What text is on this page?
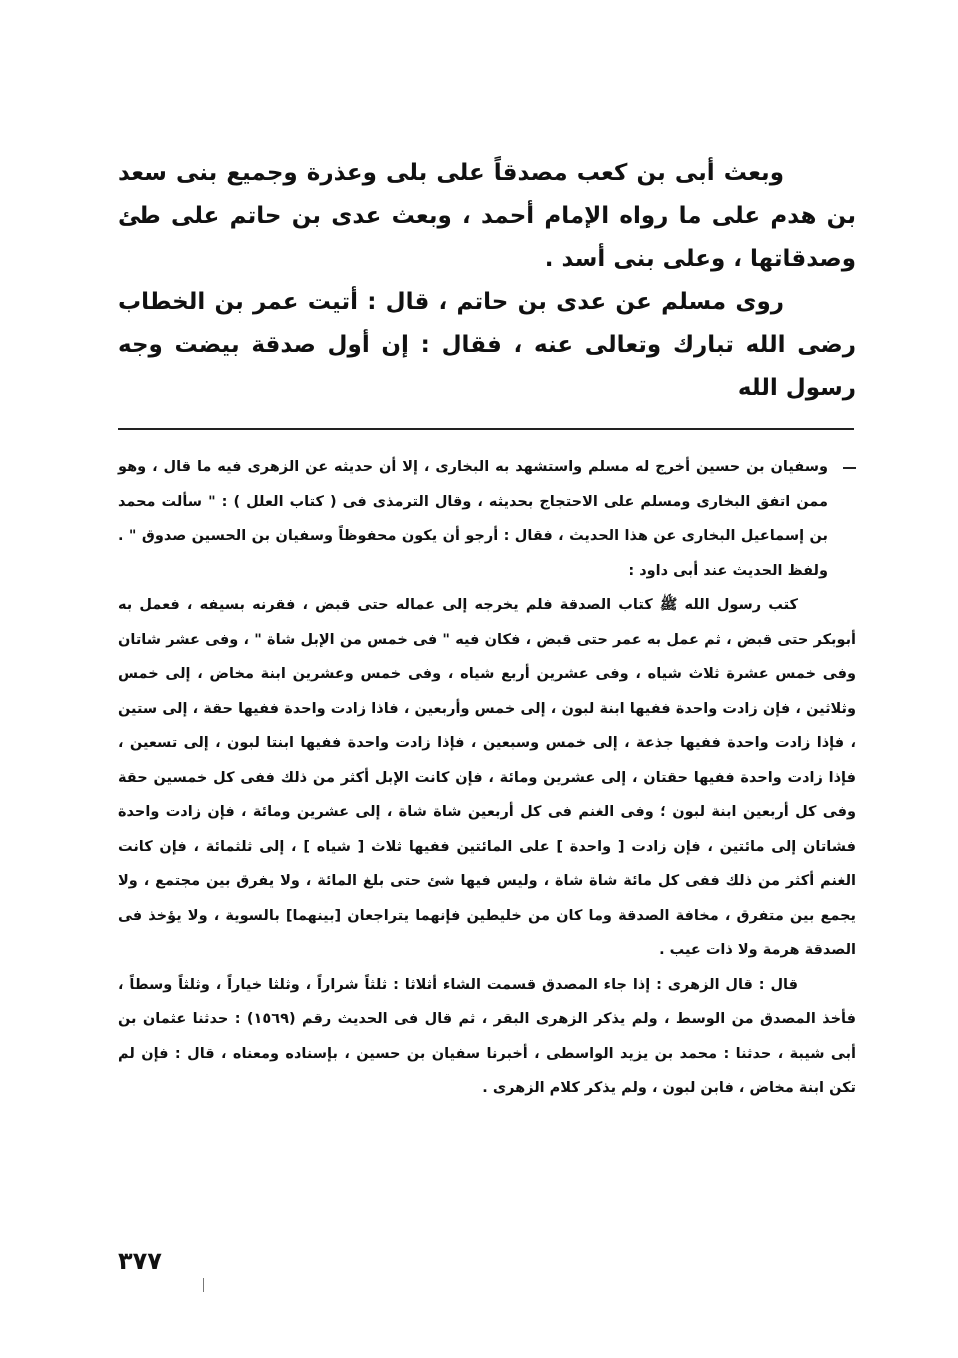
وبعث أبى بن كعب مصدقاً على بلى وعذرة وجميع بنى سعد بن هدم على ما رواه الإمام أحمد ، وبعث عدى بن حاتم على طئ وصدقاتها ، وعلى بنى أسد .

روى مسلم عن عدى بن حاتم ، قال : أتيت عمر بن الخطاب رضى الله تبارك وتعالى عنه ، فقال : إن أول صدقة بيضت وجه رسول الله

وسفيان بن حسين أخرج له مسلم واستشهد به البخارى ، إلا أن حديثه عن الزهرى فيه ما قال ، وهو ممن اتفق البخارى ومسلم على الاحتجاج بحديثه ، وقال الترمذى فى ( كتاب العلل ) : " سألت محمد بن إسماعيل البخارى عن هذا الحديث ، فقال : أرجو أن يكون محفوظاً وسفيان بن الحسين صدوق " . ولفظ الحديث عند أبى داود :

كتب رسول الله ﷺ كتاب الصدقة فلم يخرجه إلى عماله حتى قبض ، فقرنه بسيفه ، فعمل به أبوبكر حتى قبض ، ثم عمل به عمر حتى قبض ، فكان فيه " فى خمس من الإبل شاة " ، وفى عشر شاتان وفى خمس عشرة ثلاث شياه ، وفى عشرين أربع شياه ، وفى خمس وعشرين ابنة مخاض ، إلى خمس وثلاثين ، فإن زادت واحدة ففيها ابنة لبون ، إلى خمس وأربعين ، فاذا زادت واحدة ففيها حقة ، إلى ستين ، فإذا زادت واحدة ففيها جذعة ، إلى خمس وسبعين ، فإذا زادت واحدة ففيها ابنتا لبون ، إلى تسعين ، فإذا زادت واحدة ففيها حقتان ، إلى عشرين ومائة ، فإن كانت الإبل أكثر من ذلك ففى كل خمسين حقة وفى كل أربعين ابنة لبون ؛ وفى الغنم فى كل أربعين شاة شاة ، إلى عشرين ومائة ، فإن زادت واحدة فشاتان إلى مائتين ، فإن زادت [ واحدة ] على المائتين ففيها ثلاث [ شياه ] ، إلى ثلثمائة ، فإن كانت الغنم أكثر من ذلك ففى كل مائة شاة شاة ، وليس فيها شئ حتى بلغ المائة ، ولا يفرق بين مجتمع ، ولا يجمع بين متفرق ، مخافة الصدقة وما كان من خليطين فإنهما يتراجعان [بينهما] بالسوية ، ولا يؤخذ فى الصدقة هرمة ولا ذات عيب .

قال : قال الزهرى : إذا جاء المصدق قسمت الشاء أثلاثا : ثلثاً شراراً ، وثلثا خياراً ، وثلثاً وسطاً ، فأخذ المصدق من الوسط ، ولم يذكر الزهرى البقر ، ثم قال فى الحديث رقم (١٥٦٩) : حدثنا عثمان بن أبى شيبة ، حدثنا : محمد بن يزيد الواسطى ، أخبرنا سفيان بن حسين ، بإسناده ومعناه ، قال : فإن لم تكن ابنة مخاض ، فابن لبون ، ولم يذكر كلام الزهرى .

٣٧٧
